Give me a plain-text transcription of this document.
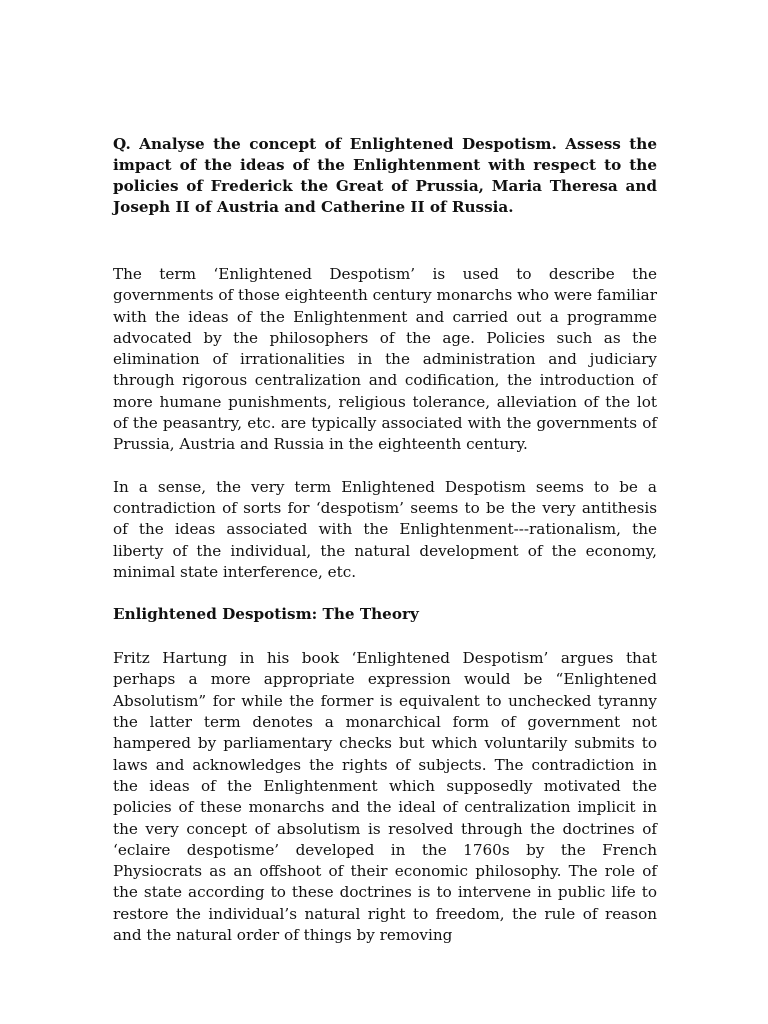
Q. Analyse the concept of Enlightened Despotism. Assess the impact of the ideas of the Enlightenment with respect to the policies of Frederick the Great of Prussia, Maria Theresa and Joseph II of Austria and Catherine II of Russia.

The term ‘Enlightened Despotism’ is used to describe the governments of those eighteenth century monarchs who were familiar with the ideas of the Enlightenment and carried out a programme advocated by the philosophers of the age. Policies such as the elimination of irrationalities in the administration and judiciary through rigorous centralization and codification, the introduction of more humane punishments, religious tolerance, alleviation of the lot of the peasantry, etc. are typically associated with the governments of Prussia, Austria and Russia in the eighteenth century.

In a sense, the very term Enlightened Despotism seems to be a contradiction of sorts for ‘despotism’ seems to be the very antithesis of the ideas associated with the Enlightenment---rationalism, the liberty of the individual, the natural development of the economy, minimal state interference, etc.

Enlightened Despotism: The Theory

Fritz Hartung in his book ‘Enlightened Despotism’ argues that perhaps a more appropriate expression would be “Enlightened Absolutism” for while the former is equivalent to unchecked tyranny the latter term denotes a monarchical form of government not hampered by parliamentary checks but which voluntarily submits to laws and acknowledges the rights of subjects. The contradiction in the ideas of the Enlightenment which supposedly motivated the policies of these monarchs and the ideal of centralization implicit in the very concept of absolutism is resolved through the doctrines of ‘eclaire despotisme’ developed in the 1760s by the French Physiocrats as an offshoot of their economic philosophy. The role of the state according to these doctrines is to intervene in public life to restore the individual’s natural right to freedom, the rule of reason and the natural order of things by removing
